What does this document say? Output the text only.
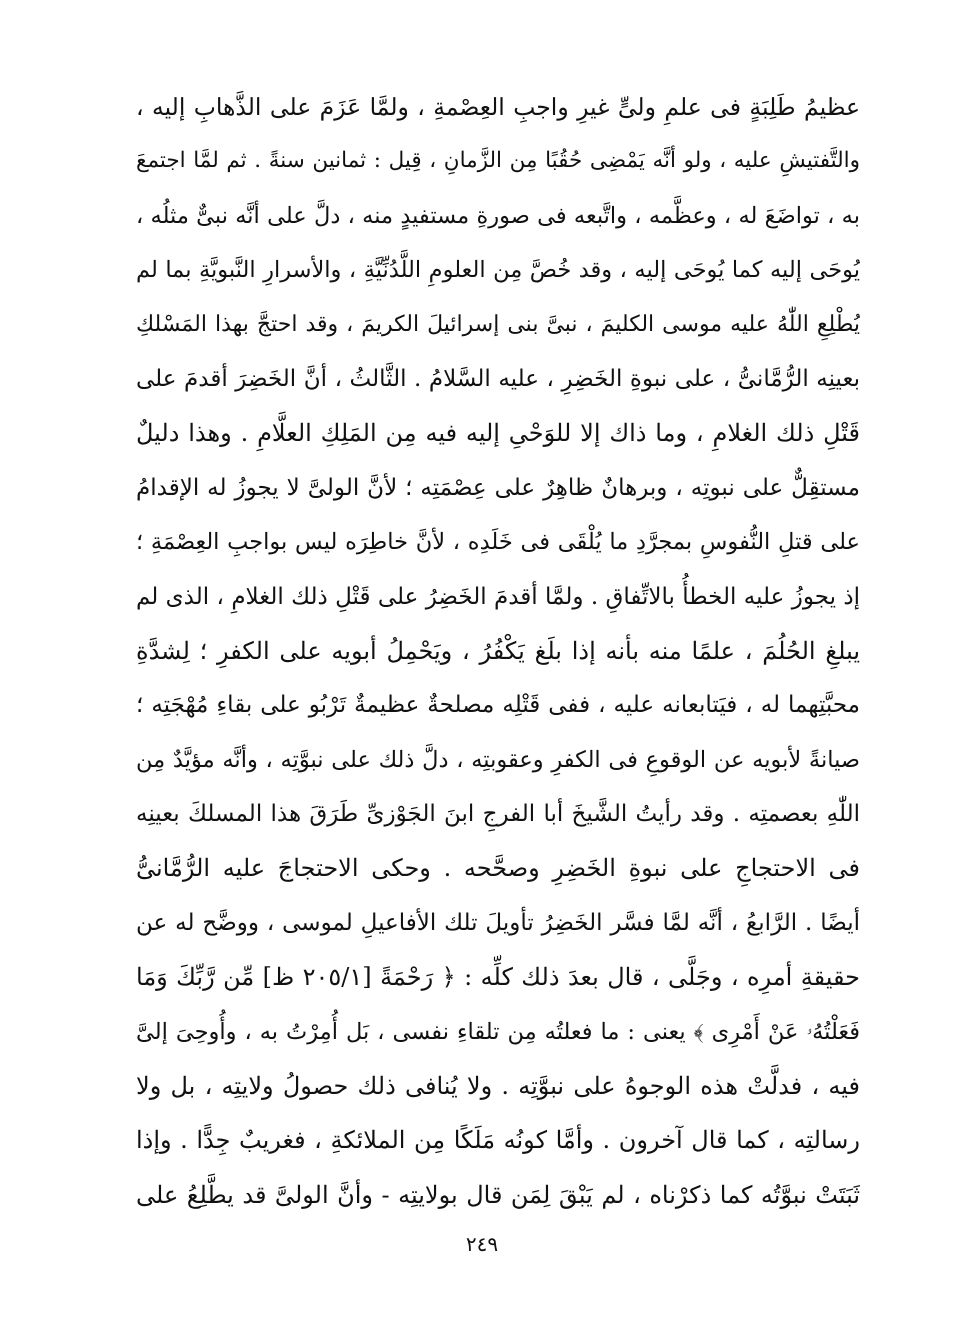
عظيمُ طَلِبَةٍ فى علمِ ولىٍّ غيرِ واجبِ العِصْمةِ ، ولمَّا عَزَمَ على الذَّهابِ إليه ،
والتَّفتيشِ عليه ، ولو أنَّه يَمْضِى حُقُبًا مِن الزَّمانِ ، قِيل : ثمانين سنةً . ثم لمَّا اجتمعَ
به ، تواضَعَ له ، وعظَّمه ، واتَّبعه فى صورةِ مستفيدٍ منه ، دلَّ على أنَّه نبىٌّ مثلُه ،
يُوحَى إليه كما يُوحَى إليه ، وقد خُصَّ مِن العلومِ اللَّدُنِّيَّةِ ، والأسرارِ النَّبويَّةِ بما لم
يُطْلِعِ اللّٰهُ عليه موسى الكليمَ ، نبىَّ بنى إسرائيلَ الكريمَ ، وقد احتجَّ بهذا المَسْلكِ
بعينِه الرُّمَّانىُّ ، على نبوةِ الخَضِرِ ، عليه السَّلامُ . الثَّالثُ ، أنَّ الخَضِرَ أقدمَ على
قَتْلِ ذلك الغلامِ ، وما ذاك إلا للوَحْىِ إليه فيه مِن المَلِكِ العلَّامِ . وهذا دليلٌ
مستقِلٌّ على نبوتِه ، وبرهانٌ ظاهِرٌ على عِصْمَتِه ؛ لأنَّ الولىَّ لا يجوزُ له الإقدامُ
على قتلِ النُّفوسِ بمجرَّدِ ما يُلْقَى فى خَلَدِه ، لأنَّ خاطِرَه ليس بواجبِ العِصْمَةِ ؛
إذ يجوزُ عليه الخطأُ بالاتِّفاقِ . ولمَّا أقدمَ الخَضِرُ على قَتْلِ ذلك الغلامِ ، الذى لم
يبلغِ الحُلُمَ ، علمًا منه بأنه إذا بلَغ يَكْفُرُ ، ويَحْمِلُ أبويه على الكفرِ ؛ لِشدَّةِ
محبَّتِهما له ، فيَتابعانه عليه ، ففى قَتْلِه مصلحةٌ عظيمةٌ تَرْبُو على بقاءِ مُهْجَتِه ؛
صيانةً لأبويه عن الوقوعِ فى الكفرِ وعقوبتِه ، دلَّ ذلك على نبوَّتِه ، وأنَّه مؤيَّدٌ مِن
اللّٰهِ بعصمتِه . وقد رأيتُ الشَّيخَ أبا الفرجِ ابنَ الجَوْزىِّ طَرَقَ هذا المسلكَ بعينِه
فى الاحتجاجِ على نبوةِ الخَضِرِ وصحَّحه . وحكى الاحتجاجَ عليه الرُّمَّانىُّ
أيضًا . الرَّابعُ ، أنَّه لمَّا فسَّر الخَضِرُ تأويلَ تلك الأفاعيلِ لموسى ، ووضَّح له عن
حقيقةِ أمرِه ، وجَلَّى ، قال بعدَ ذلك كلِّه : ﴿ رَحْمَةً [٢٠٥/١ ظ] مِّن رَّبِّكَ وَمَا
فَعَلْتُهُۥ عَنْ أَمْرِى ﴾ يعنى : ما فعلتُه مِن تلقاءِ نفسى ، بَل أُمِرْتُ به ، وأُوحِىَ إلىَّ
فيه ، فدلَّتْ هذه الوجوهُ على نبوَّتِه . ولا يُنافى ذلك حصولُ ولايتِه ، بل ولا
رسالتِه ، كما قال آخرون . وأمَّا كونُه مَلَكًا مِن الملائكةِ ، فغريبٌ جِدًّا . وإذا
ثَبَتَتْ نبوَّتُه كما ذكرْناه ، لم يَبْقَ لِمَن قال بولايتِه - وأنَّ الولىَّ قد يطَّلِعُ على
٢٤٩
